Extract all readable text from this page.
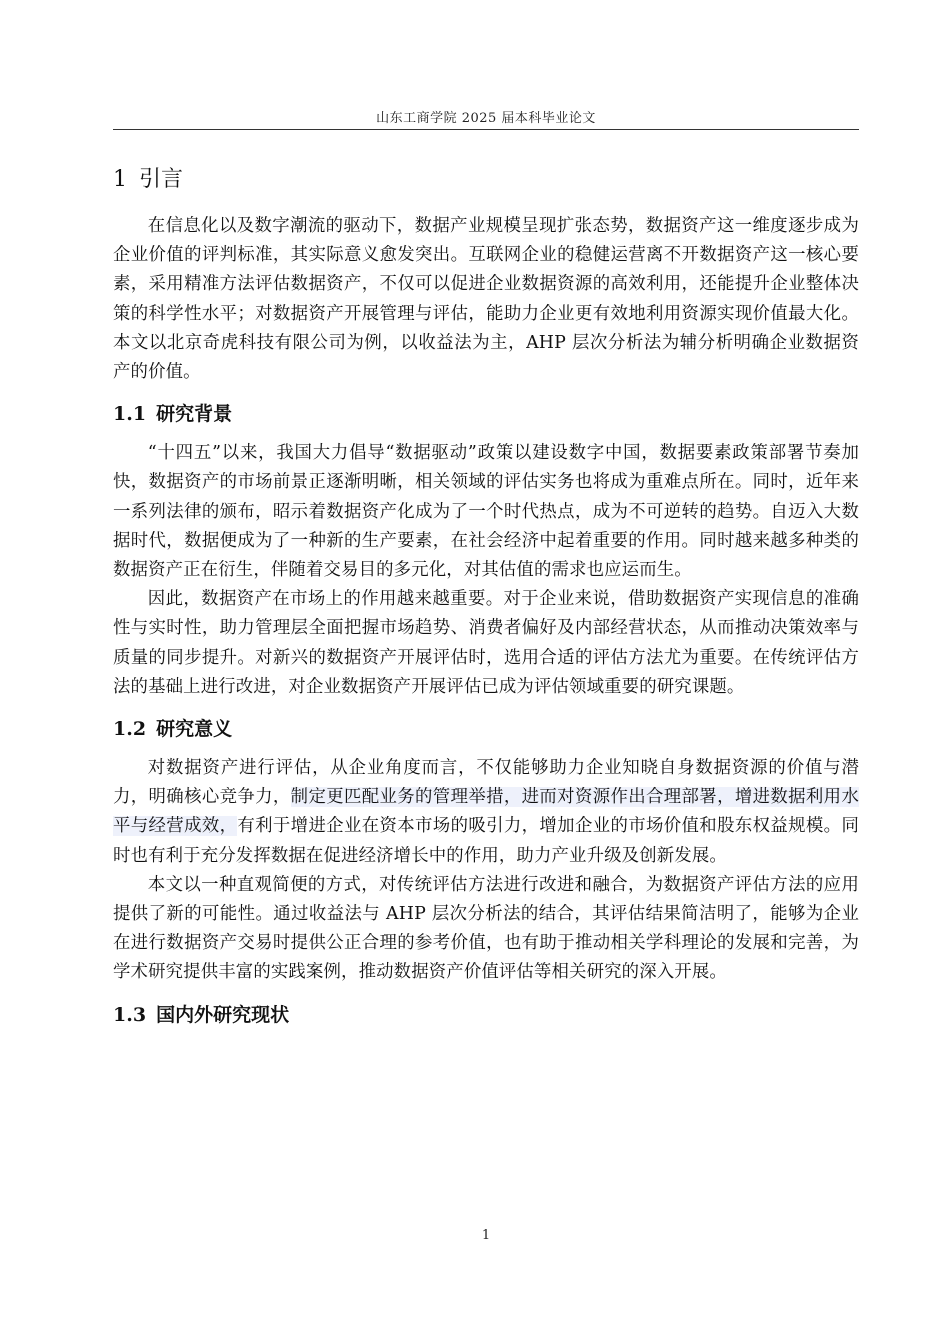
山东工商学院 2025 届本科毕业论文
1 引言

在信息化以及数字潮流的驱动下，数据产业规模呈现扩张态势，数据资产这一维度逐步成为企业价值的评判标准，其实际意义愈发突出。互联网企业的稳健运营离不开数据资产这一核心要素，采用精准方法评估数据资产，不仅可以促进企业数据资源的高效利用，还能提升企业整体决策的科学性水平；对数据资产开展管理与评估，能助力企业更有效地利用资源实现价值最大化。本文以北京奇虎科技有限公司为例，以收益法为主，AHP 层次分析法为辅分析明确企业数据资产的价值。

1.1 研究背景

“十四五”以来，我国大力倡导“数据驱动”政策以建设数字中国，数据要素政策部署节奏加快，数据资产的市场前景正逐渐明晰，相关领域的评估实务也将成为重难点所在。同时，近年来一系列法律的颁布，昭示着数据资产化成为了一个时代热点，成为不可逆转的趋势。自迈入大数据时代，数据便成为了一种新的生产要素，在社会经济中起着重要的作用。同时越来越多种类的数据资产正在衍生，伴随着交易目的多元化，对其估值的需求也应运而生。

因此，数据资产在市场上的作用越来越重要。对于企业来说，借助数据资产实现信息的准确性与实时性，助力管理层全面把握市场趋势、消费者偏好及内部经营状态，从而推动决策效率与质量的同步提升。对新兴的数据资产开展评估时，选用合适的评估方法尤为重要。在传统评估方法的基础上进行改进，对企业数据资产开展评估已成为评估领域重要的研究课题。

1.2 研究意义

对数据资产进行评估，从企业角度而言，不仅能够助力企业知晓自身数据资源的价值与潜力，明确核心竞争力，制定更匹配业务的管理举措，进而对资源作出合理部署，增进数据利用水平与经营成效，有利于增进企业在资本市场的吸引力，增加企业的市场价值和股东权益规模。同时也有利于充分发挥数据在促进经济增长中的作用，助力产业升级及创新发展。

本文以一种直观简便的方式，对传统评估方法进行改进和融合，为数据资产评估方法的应用提供了新的可能性。通过收益法与 AHP 层次分析法的结合，其评估结果简洁明了，能够为企业在进行数据资产交易时提供公正合理的参考价值，也有助于推动相关学科理论的发展和完善，为学术研究提供丰富的实践案例，推动数据资产价值评估等相关研究的深入开展。

1.3 国内外研究现状
1
